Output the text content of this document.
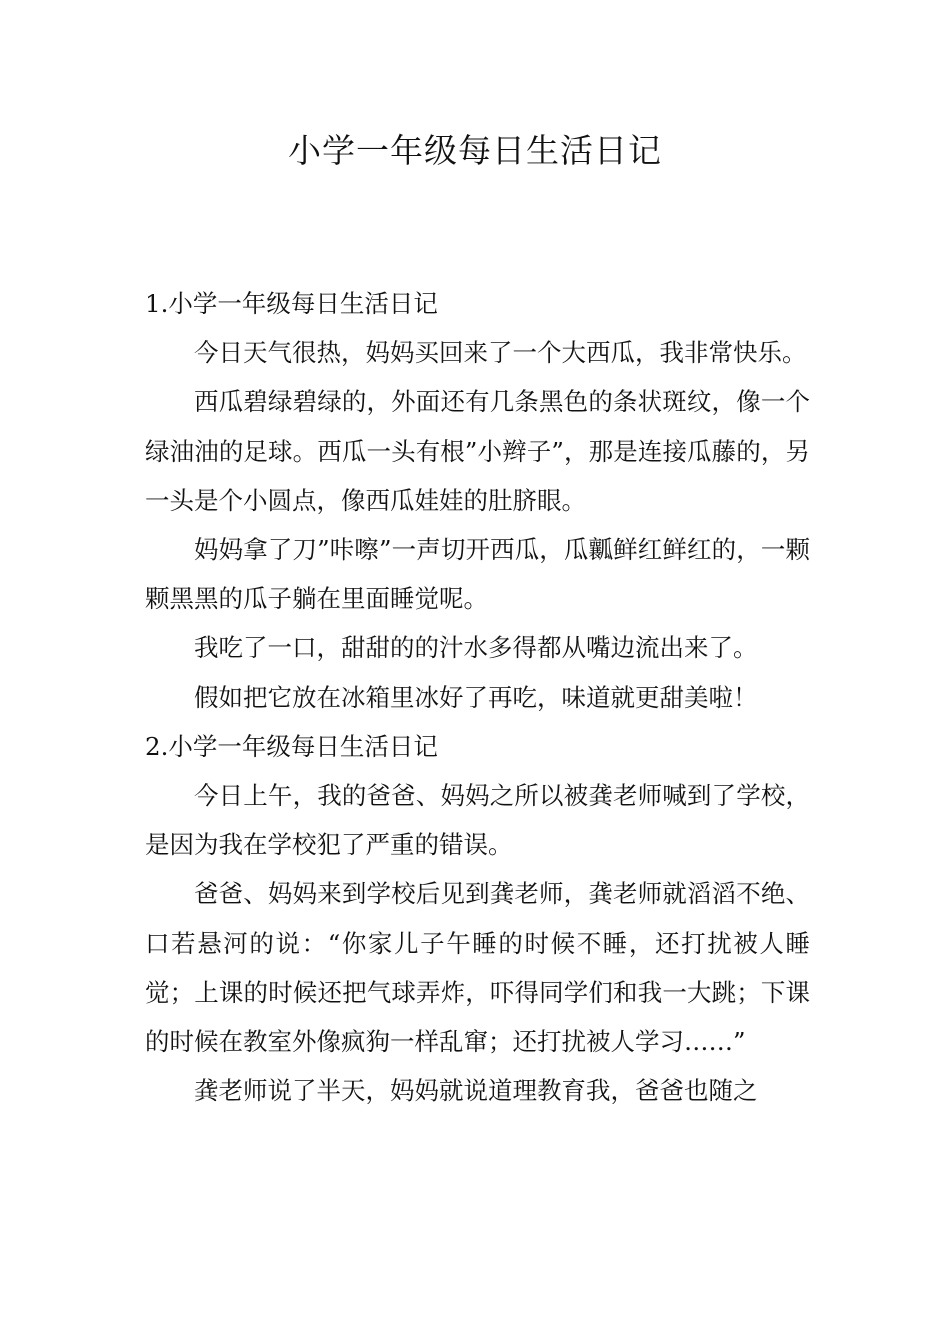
小学一年级每日生活日记

1.小学一年级每日生活日记

今日天气很热，妈妈买回来了一个大西瓜，我非常快乐。

西瓜碧绿碧绿的，外面还有几条黑色的条状斑纹，像一个绿油油的足球。西瓜一头有根”小辫子”，那是连接瓜藤的，另一头是个小圆点，像西瓜娃娃的肚脐眼。

妈妈拿了刀”咔嚓”一声切开西瓜，瓜瓤鲜红鲜红的，一颗颗黑黑的瓜子躺在里面睡觉呢。

我吃了一口，甜甜的的汁水多得都从嘴边流出来了。

假如把它放在冰箱里冰好了再吃，味道就更甜美啦！

2.小学一年级每日生活日记

今日上午，我的爸爸、妈妈之所以被龚老师喊到了学校，是因为我在学校犯了严重的错误。

爸爸、妈妈来到学校后见到龚老师，龚老师就滔滔不绝、口若悬河的说：“你家儿子午睡的时候不睡，还打扰被人睡觉；上课的时候还把气球弄炸，吓得同学们和我一大跳；下课的时候在教室外像疯狗一样乱窜；还打扰被人学习……”

龚老师说了半天，妈妈就说道理教育我，爸爸也随之
